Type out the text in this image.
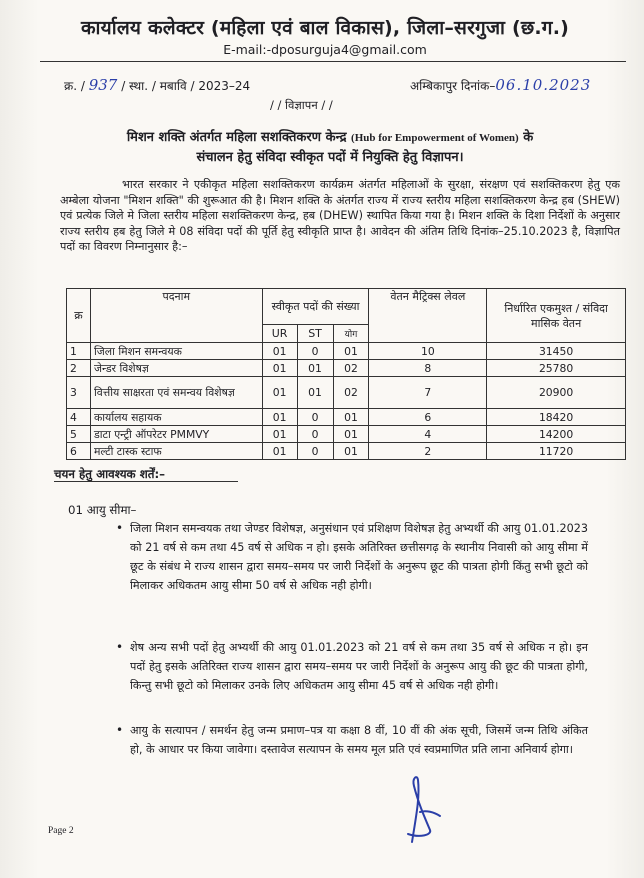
कार्यालय कलेक्टर (महिला एवं बाल विकास), जिला–सरगुजा (छ.ग.)
E-mail:-dposurguja4@gmail.com
क्र. / 937 / स्था. / मबावि / 2023–24	अम्बिकापुर दिनांक–06.10.2023
/ / विज्ञापन / /
मिशन शक्ति अंतर्गत महिला सशक्तिकरण केन्द्र (Hub for Empowerment of Women) के
संचालन हेतु संविदा स्वीकृत पदों में नियुक्ति हेतु विज्ञापन।
भारत सरकार ने एकीकृत महिला सशक्तिकरण कार्यक्रम अंतर्गत महिलाओं के सुरक्षा, संरक्षण एवं सशक्तिकरण हेतु एक अम्बेला योजना "मिशन शक्ति" की शुरूआत की है। मिशन शक्ति के अंतर्गत राज्य में राज्य स्तरीय महिला सशक्तिकरण केन्द्र हब (SHEW) एवं प्रत्येक जिले मे जिला स्तरीय महिला सशक्तिकरण केन्द्र, हब (DHEW) स्थापित किया गया है। मिशन शक्ति के दिशा निर्देशों के अनुसार राज्य स्तरीय हब हेतु जिले मे 08 संविदा पदों की पूर्ति हेतु स्वीकृति प्राप्त है। आवेदन की अंतिम तिथि दिनांक–25.10.2023 है, विज्ञापित पदों का विवरण निम्नानुसार है:–
क्र	पदनाम	स्वीकृत पदों की संख्या			वेतन मैट्रिक्स लेवल	निर्धारित एकमुश्त / संविदा मासिक वेतन
		UR	ST	योग		
1	जिला मिशन समन्वयक	01	0	01	10	31450
2	जेन्डर विशेषज्ञ	01	01	02	8	25780
3	वित्तीय साक्षरता एवं समन्वय विशेषज्ञ	01	01	02	7	20900
4	कार्यालय सहायक	01	0	01	6	18420
5	डाटा एन्ट्री ऑपरेटर PMMVY	01	0	01	4	14200
6	मल्टी टास्क स्टाफ	01	0	01	2	11720
चयन हेतु आवश्यक शर्तें:–
01 आयु सीमा–
• जिला मिशन समन्वयक तथा जेण्डर विशेषज्ञ, अनुसंधान एवं प्रशिक्षण विशेषज्ञ हेतु अभ्यर्थी की आयु 01.01.2023 को 21 वर्ष से कम तथा 45 वर्ष से अधिक न हो। इसके अतिरिक्त छत्तीसगढ़ के स्थानीय निवासी को आयु सीमा में छूट के संबंध मे राज्य शासन द्वारा समय–समय पर जारी निर्देशों के अनुरूप छूट की पात्रता होगी किंतु सभी छूटो को मिलाकर अधिकतम आयु सीमा 50 वर्ष से अधिक नही होगी।
• शेष अन्य सभी पदों हेतु अभ्यर्थी की आयु 01.01.2023 को 21 वर्ष से कम तथा 35 वर्ष से अधिक न हो। इन पदों हेतु इसके अतिरिक्त राज्य शासन द्वारा समय–समय पर जारी निर्देशों के अनुरूप आयु की छूट की पात्रता होगी, किन्तु सभी छूटो को मिलाकर उनके लिए अधिकतम आयु सीमा 45 वर्ष से अधिक नही होगी।
• आयु के सत्यापन / समर्थन हेतु जन्म प्रमाण–पत्र या कक्षा 8 वीं, 10 वीं की अंक सूची, जिसमें जन्म तिथि अंकित हो, के आधार पर किया जावेगा। दस्तावेज सत्यापन के समय मूल प्रति एवं स्वप्रमाणित प्रति लाना अनिवार्य होगा।
Page 2
